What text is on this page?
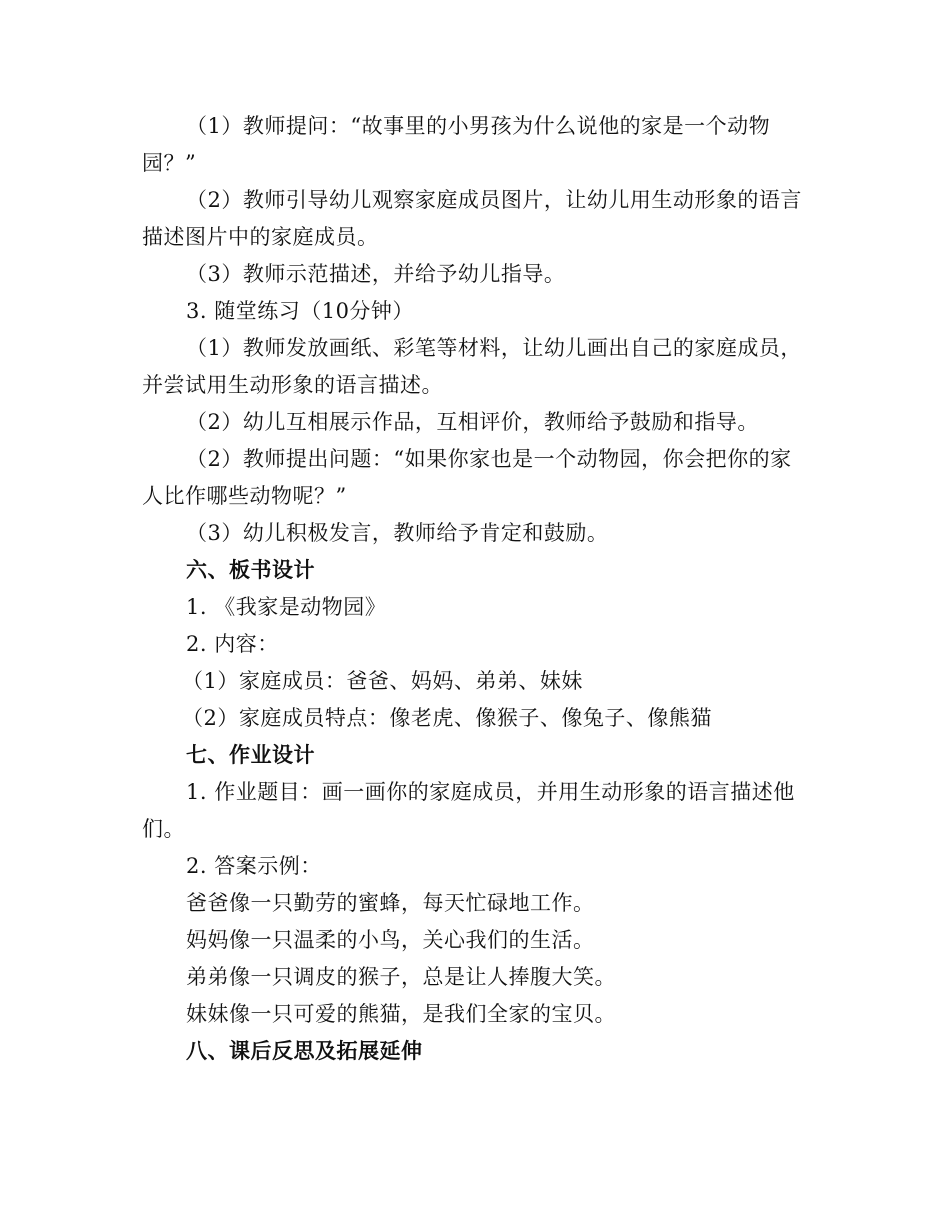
（1）教师提问：“故事里的小男孩为什么说他的家是一个动物
园？”
（2）教师引导幼儿观察家庭成员图片，让幼儿用生动形象的语言
描述图片中的家庭成员。
（3）教师示范描述，并给予幼儿指导。
3. 随堂练习（10分钟）
（1）教师发放画纸、彩笔等材料，让幼儿画出自己的家庭成员，
并尝试用生动形象的语言描述。
（2）幼儿互相展示作品，互相评价，教师给予鼓励和指导。
（2）教师提出问题：“如果你家也是一个动物园，你会把你的家
人比作哪些动物呢？”
（3）幼儿积极发言，教师给予肯定和鼓励。
六、板书设计
1. 《我家是动物园》
2. 内容：
（1）家庭成员：爸爸、妈妈、弟弟、妹妹
（2）家庭成员特点：像老虎、像猴子、像兔子、像熊猫
七、作业设计
1. 作业题目：画一画你的家庭成员，并用生动形象的语言描述他
们。
2. 答案示例：
爸爸像一只勤劳的蜜蜂，每天忙碌地工作。
妈妈像一只温柔的小鸟，关心我们的生活。
弟弟像一只调皮的猴子，总是让人捧腹大笑。
妹妹像一只可爱的熊猫，是我们全家的宝贝。
八、课后反思及拓展延伸
